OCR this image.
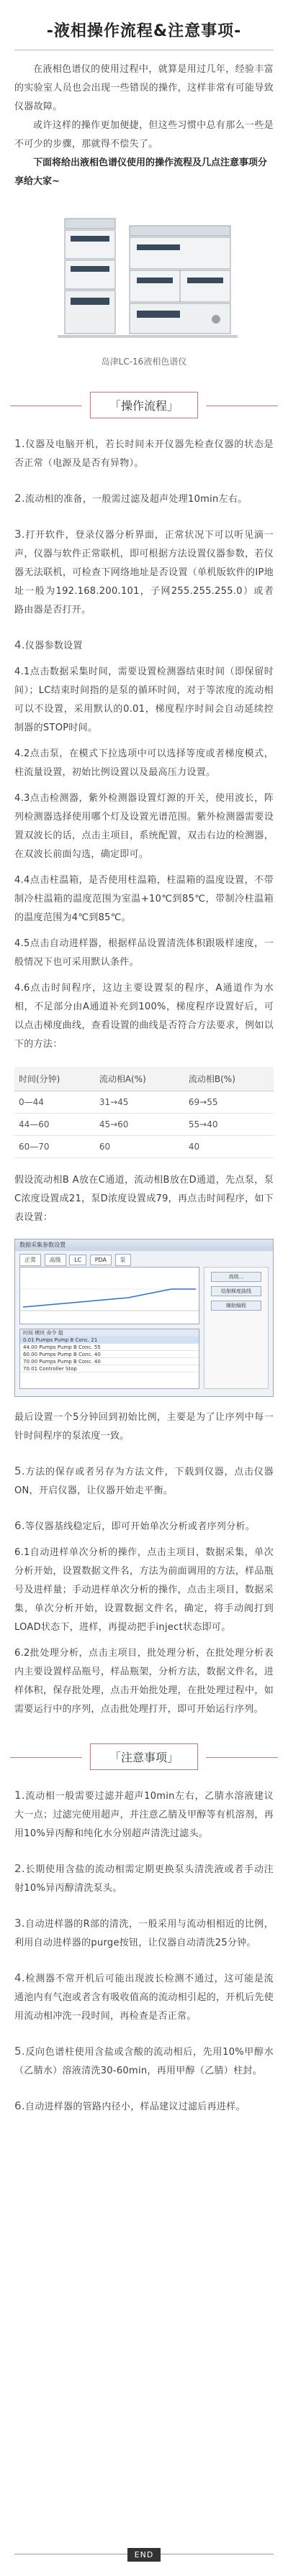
-液相操作流程&注意事项-

在液相色谱仪的使用过程中，就算是用过几年，经验丰富的实验室人员也会出现一些错误的操作，这样非常有可能导致仪器故障。

或许这样的操作更加便捷，但这些习惯中总有那么一些是不可少的步骤，那就得不偿失了。

下面将给出液相色谱仪使用的操作流程及几点注意事项分享给大家~

岛津LC-16液相色谱仪
「操作流程」

1.仪器及电脑开机，若长时间未开仪器先检查仪器的状态是否正常（电源及是否有异物）。

2.流动相的准备，一般需过滤及超声处理10min左右。

3.打开软件，登录仪器分析界面，正常状况下可以听见滴一声，仪器与软件正常联机，即可根据方法设置仪器参数，若仪器无法联机，可检查下网络地址是否设置（单机版软件的IP地址一般为192.168.200.101，子网255.255.255.0）或者路由器是否打开。

4.仪器参数设置

4.1点击数据采集时间，需要设置检测器结束时间（即保留时间）；LC结束时间指的是泵的循环时间，对于等浓度的流动相可以不设置，采用默认的0.01，梯度程序时间会自动延续控制器的STOP时间。

4.2点击泵，在模式下拉选项中可以选择等度或者梯度模式，柱流量设置，初始比例设置以及最高压力设置。

4.3点击检测器，紫外检测器设置灯源的开关，使用波长，阵列检测器选择使用哪个灯及设置光谱范围。紫外检测器需要设置双波长的话，点击主项目，系统配置，双击右边的检测器，在双波长前面勾选，确定即可。

4.4点击柱温箱，是否使用柱温箱，柱温箱的温度设置，不带制冷柱温箱的温度范围为室温+10℃到85℃，带制冷柱温箱的温度范围为4℃到85℃。

4.5点击自动进样器，根据样品设置清洗体积跟吸样速度，一般情况下也可采用默认条件。

4.6点击时间程序，这边主要设置泵的程序，A通道作为水相，不足部分由A通道补充到100%，梯度程序设置好后，可以点击梯度曲线，查看设置的曲线是否符合方法要求，例如以下的方法：

时间(分钟)	流动相A(%)	流动相B(%)
0—44	31→45	69→55
44—60	45→60	55→40
60—70	60	40

假设流动相B A放在C通道，流动相B放在D通道，先点泵，泵C浓度设置成21，泵D浓度设置成79，再点击时间程序，如下表设置：

数据采集参数设置
正常 高级 LC PDA 泵
高级...
绘制梯度曲线
辅助编程
时间 模块 命令 值
0.01 Pumps Pump B Conc. 21
44.00 Pumps Pump B Conc. 55
60.00 Pumps Pump B Conc. 40
70.00 Pumps Pump B Conc. 40
70.01 Controller Stop

最后设置一个5分钟回到初始比例，主要是为了让序列中每一针时间程序的泵浓度一致。

5.方法的保存或者另存为方法文件，下载到仪器，点击仪器ON，开启仪器，让仪器开始走平衡。

6.等仪器基线稳定后，即可开始单次分析或者序列分析。

6.1自动进样单次分析的操作，点击主项目，数据采集，单次分析开始，设置数据文件名，方法为前面调用的方法，样品瓶号及进样量；手动进样单次分析的操作，点击主项目，数据采集，单次分析开始，设置数据文件名，确定，将手动阀打到LOAD状态下，进样，再提动把手inject状态即可。

6.2批处理分析，点击主项目，批处理分析，在批处理分析表内主要设置样品瓶号，样品瓶架，分析方法，数据文件名，进样体积，保存批处理，点击开始批处理，在批处理过程中，如需要运行中的序列，点击批处理打开，即可开始运行序列。

「注意事项」

1.流动相一般需要过滤并超声10min左右，乙腈水溶液建议大一点；过滤完使用超声，并注意乙腈及甲醇等有机溶剂，再用10%异丙醇和纯化水分别超声清洗过滤头。

2.长期使用含盐的流动相需定期更换泵头清洗液或者手动注射10%异丙醇清洗泵头。

3.自动进样器的R部的清洗，一般采用与流动相相近的比例，利用自动进样器的purge按钮，让仪器自动清洗25分钟。

4.检测器不常开机后可能出现波长检测不通过，这可能是流通池内有气泡或者含有吸收值高的流动相引起的，开机后先使用流动相冲洗一段时间，再检查是否正常。

5.反向色谱柱使用含盐或含酸的流动相后，先用10%甲醇水（乙腈水）溶液清洗30-60min，再用甲醇（乙腈）柱封。

6.自动进样器的管路内径小，样品建议过滤后再进样。

END
